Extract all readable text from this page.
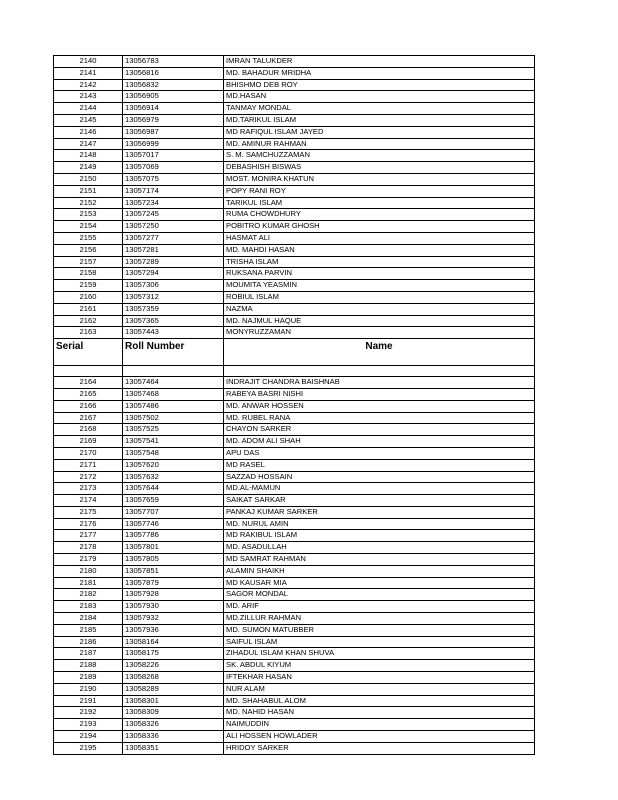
2140	13056783	IMRAN TALUKDER
2141	13056816	MD. BAHADUR MRIDHA
2142	13056832	BHISHMO DEB ROY
2143	13056905	MD.HASAN
2144	13056914	TANMAY MONDAL
2145	13056979	MD.TARIKUL ISLAM
2146	13056987	MD RAFIQUL ISLAM JAYED
2147	13056999	MD. AMINUR RAHMAN
2148	13057017	S. M. SAMCHUZZAMAN
2149	13057069	DEBASHISH BISWAS
2150	13057075	MOST. MONIRA KHATUN
2151	13057174	POPY RANI ROY
2152	13057234	TARIKUL ISLAM
2153	13057245	RUMA CHOWDHURY
2154	13057250	POBITRO KUMAR GHOSH
2155	13057277	HASMAT ALI
2156	13057281	MD. MAHDI HASAN
2157	13057289	TRISHA ISLAM
2158	13057294	RUKSANA PARVIN
2159	13057306	MOUMITA YEASMIN
2160	13057312	ROBIUL ISLAM
2161	13057359	NAZMA
2162	13057365	MD. NAJMUL HAQUE
2163	13057443	MONYRUZZAMAN
Serial	Roll Number	Name

2164	13057464	INDRAJIT CHANDRA BAISHNAB
2165	13057468	RABEYA BASRI NISHI
2166	13057486	MD. ANWAR HOSSEN
2167	13057502	MD. RUBEL RANA
2168	13057525	CHAYON SARKER
2169	13057541	MD. ADOM ALI SHAH
2170	13057548	APU DAS
2171	13057620	MD RASEL
2172	13057632	SAZZAD HOSSAIN
2173	13057644	MD.AL-MAMUN
2174	13057659	SAIKAT SARKAR
2175	13057707	PANKAJ KUMAR SARKER
2176	13057746	MD. NURUL AMIN
2177	13057786	MD RAKIBUL ISLAM
2178	13057801	MD. ASADULLAH
2179	13057805	MD SAMRAT RAHMAN
2180	13057851	ALAMIN SHAIKH
2181	13057879	MD KAUSAR MIA
2182	13057928	SAGOR MONDAL
2183	13057930	MD. ARIF
2184	13057932	MD.ZILLUR RAHMAN
2185	13057936	MD. SUMON MATUBBER
2186	13058164	SAIFUL ISLAM
2187	13058175	ZIHADUL ISLAM KHAN SHUVA
2188	13058226	SK. ABDUL KIYUM
2189	13058268	IFTEKHAR HASAN
2190	13058289	NUR ALAM
2191	13058301	MD. SHAHABUL ALOM
2192	13058309	MD. NAHID HASAN
2193	13058326	NAIMUDDIN
2194	13058336	ALI HOSSEN HOWLADER
2195	13058351	HRIDOY SARKER
